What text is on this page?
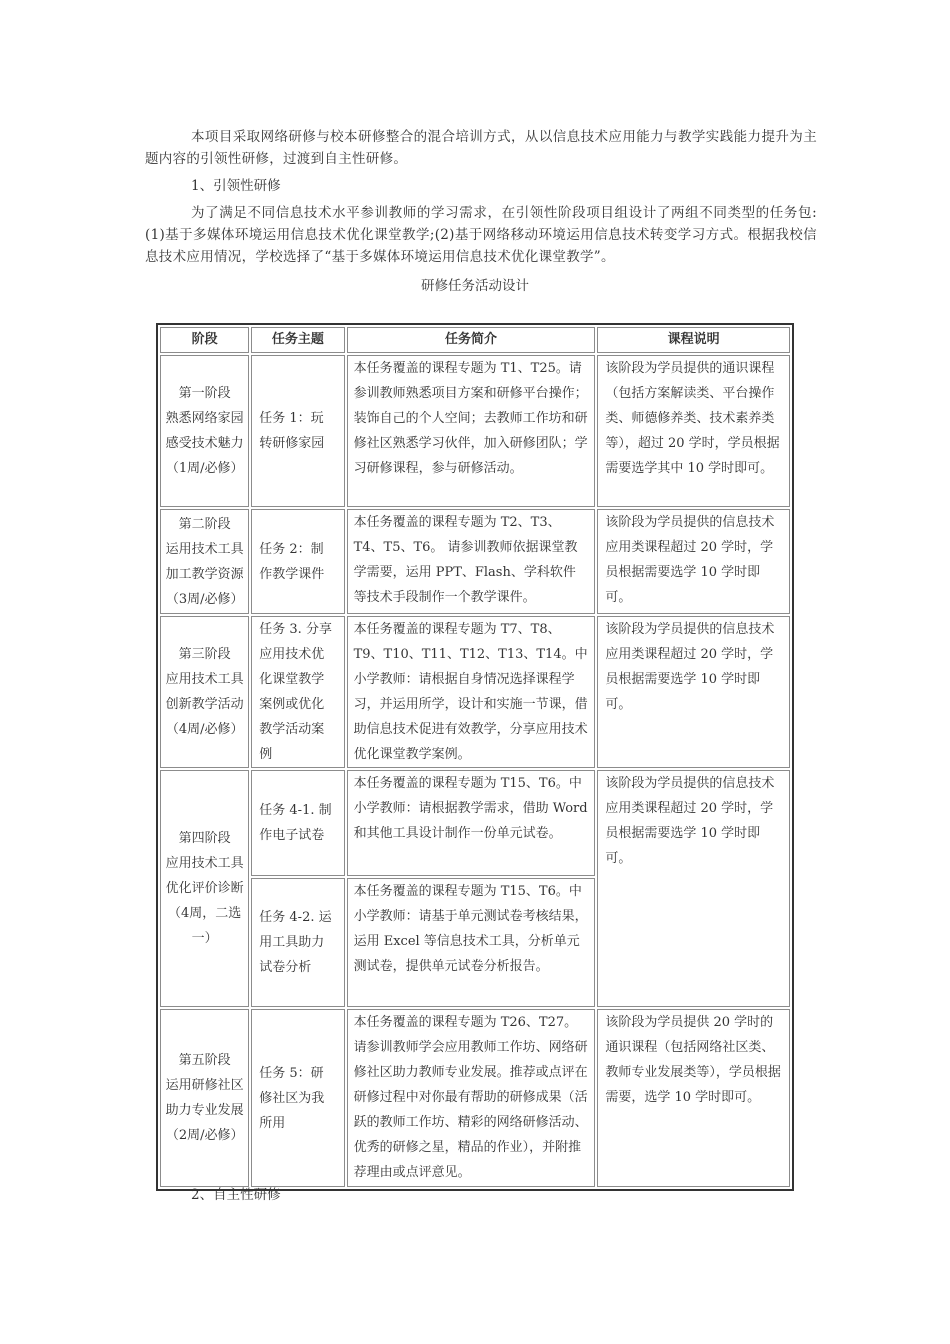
本项目采取网络研修与校本研修整合的混合培训方式，从以信息技术应用能力与教学实践能力提升为主题内容的引领性研修，过渡到自主性研修。
1、引领性研修
为了满足不同信息技术水平参训教师的学习需求，在引领性阶段项目组设计了两组不同类型的任务包:(1)基于多媒体环境运用信息技术优化课堂教学;(2)基于网络移动环境运用信息技术转变学习方式。根据我校信息技术应用情况，学校选择了“基于多媒体环境运用信息技术优化课堂教学”。
研修任务活动设计
阶段	任务主题	任务简介	课程说明

第一阶段
熟悉网络家园
感受技术魅力
（1周/必修）	任务 1：玩转研修家园	本任务覆盖的课程专题为 T1、T25。请参训教师熟悉项目方案和研修平台操作；装饰自己的个人空间；去教师工作坊和研修社区熟悉学习伙伴，加入研修团队；学习研修课程，参与研修活动。	该阶段为学员提供的通识课程（包括方案解读类、平台操作类、师德修养类、技术素养类等），超过 20 学时，学员根据需要选学其中 10 学时即可。

第二阶段
运用技术工具
加工教学资源
（3周/必修）	任务 2：制作教学课件	本任务覆盖的课程专题为 T2、T3、T4、T5、T6。 请参训教师依据课堂教学需要，运用 PPT、Flash、学科软件等技术手段制作一个教学课件。	该阶段为学员提供的信息技术应用类课程超过 20 学时，学员根据需要选学 10 学时即可。

第三阶段
应用技术工具
创新教学活动
（4周/必修）	任务 3. 分享应用技术优化课堂教学案例或优化教学活动案例	本任务覆盖的课程专题为 T7、T8、T9、T10、T11、T12、T13、T14。中小学教师：请根据自身情况选择课程学习，并运用所学，设计和实施一节课，借助信息技术促进有效教学，分享应用技术优化课堂教学案例。	该阶段为学员提供的信息技术应用类课程超过 20 学时，学员根据需要选学 10 学时即可。

第四阶段
应用技术工具
优化评价诊断
（4周，二选一）	任务 4-1. 制作电子试卷	本任务覆盖的课程专题为 T15、T6。中小学教师：请根据教学需求，借助 Word 和其他工具设计制作一份单元试卷。	该阶段为学员提供的信息技术应用类课程超过 20 学时，学员根据需要选学 10 学时即可。
	任务 4-2. 运用工具助力试卷分析	本任务覆盖的课程专题为 T15、T6。中小学教师：请基于单元测试卷考核结果，运用 Excel 等信息技术工具，分析单元测试卷，提供单元试卷分析报告。	

第五阶段
运用研修社区
助力专业发展
（2周/必修）	任务 5：研修社区为我所用	本任务覆盖的课程专题为 T26、T27。请参训教师学会应用教师工作坊、网络研修社区助力教师专业发展。推荐或点评在研修过程中对你最有帮助的研修成果（活跃的教师工作坊、精彩的网络研修活动、优秀的研修之星，精品的作业），并附推荐理由或点评意见。	该阶段为学员提供 20 学时的通识课程（包括网络社区类、教师专业发展类等），学员根据需要，选学 10 学时即可。
2、自主性研修
